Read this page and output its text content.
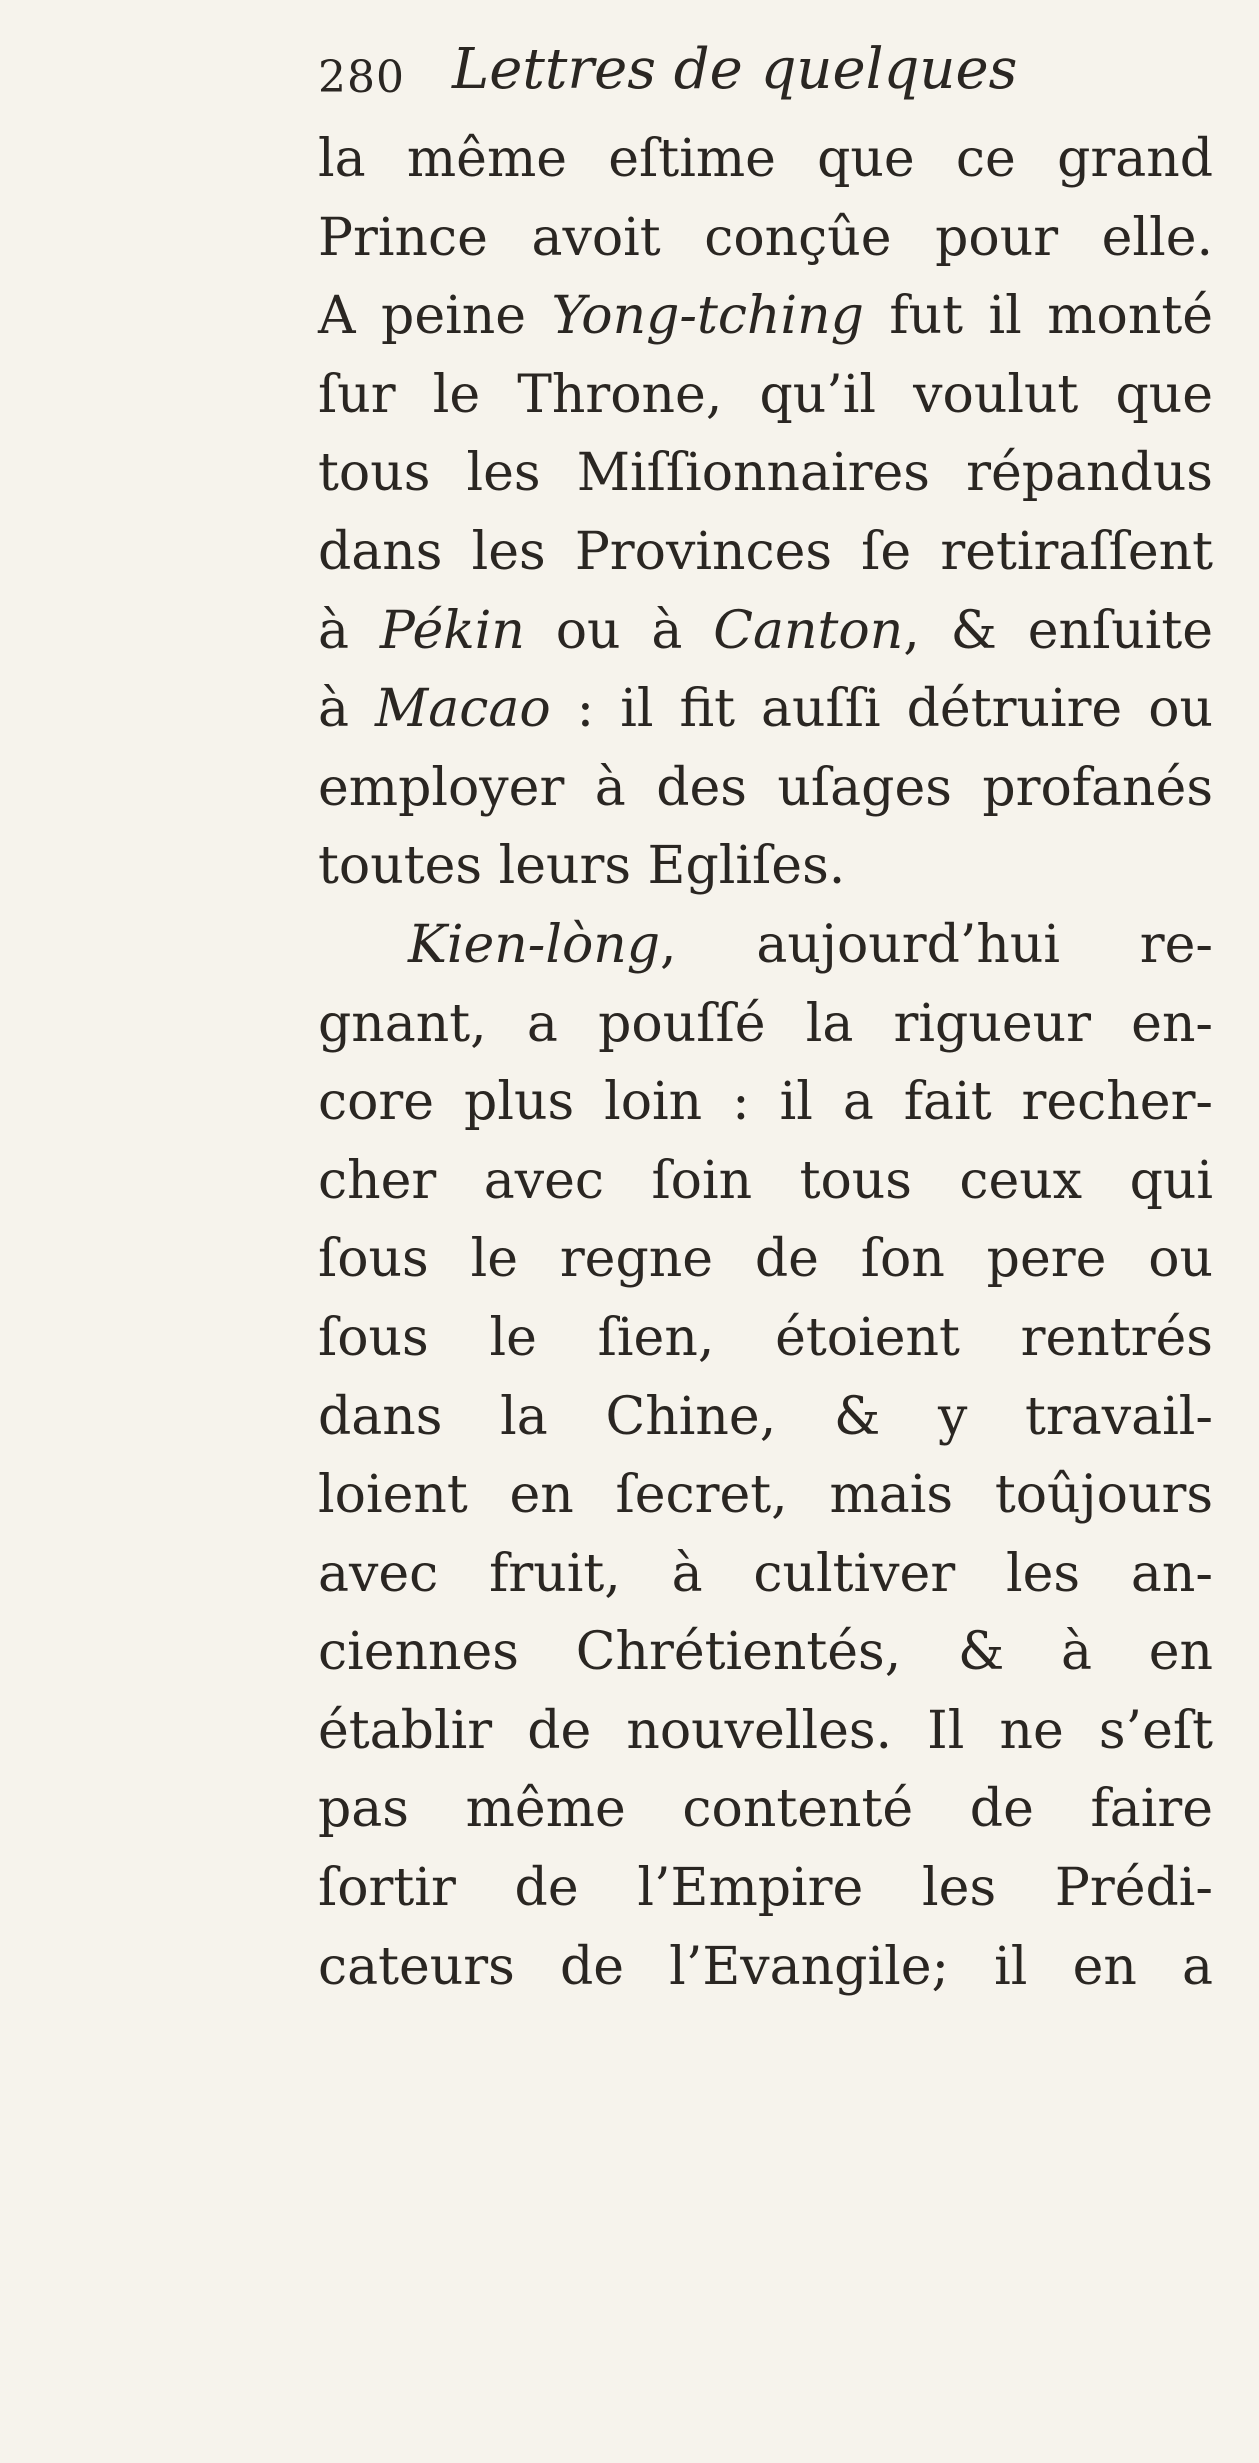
280 Lettres de quelques
la même eſtime que ce grand
Prince avoit conçûe pour elle.
A peine Yong-tching fut il monté
ſur le Throne, qu’il voulut que
tous les Miſſionnaires répandus
dans les Provinces ſe retiraſſent
à Pékin ou à Canton, & enſuite
à Macao : il fit auſſi détruire ou
employer à des uſages profanés
toutes leurs Egliſes.
Kien-lòng, aujourd’hui re-
gnant, a pouſſé la rigueur en-
core plus loin : il a fait recher-
cher avec ſoin tous ceux qui
ſous le regne de ſon pere ou
ſous le ſien, étoient rentrés
dans la Chine, & y travail-
loient en ſecret, mais toûjours
avec fruit, à cultiver les an-
ciennes Chrétientés, & à en
établir de nouvelles. Il ne s’eſt
pas même contenté de faire
ſortir de l’Empire les Prédi-
cateurs de l’Evangile; il en a
